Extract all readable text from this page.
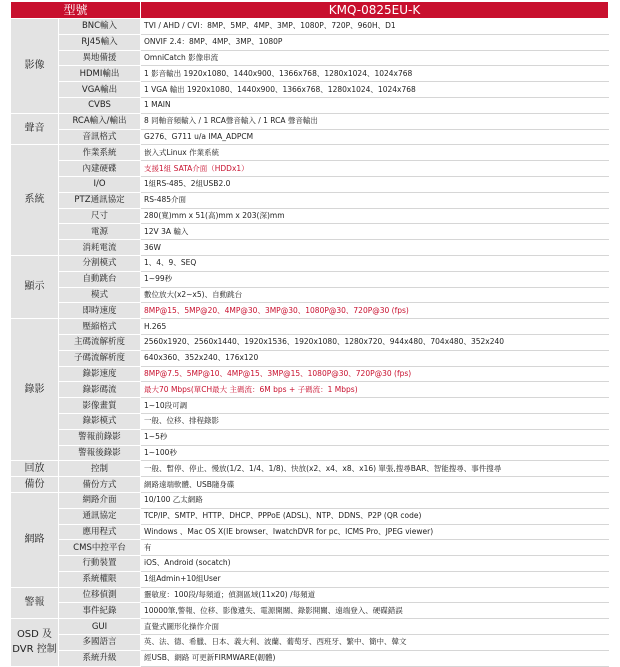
型號		KMQ-0825EU-K
影像	BNC輸入	TVI / AHD / CVI：8MP、5MP、4MP、3MP、1080P、720P、960H、D1
	RJ45輸入	ONVIF 2.4：8MP、4MP、3MP、1080P
	異地備援	OmniCatch 影像串流
	HDMI輸出	1 影音輸出 1920x1080、1440x900、1366x768、1280x1024、1024x768
	VGA輸出	1 VGA 輸出 1920x1080、1440x900、1366x768、1280x1024、1024x768
	CVBS	1 MAIN
聲音	RCA輸入/輸出	8 同軸音頻輸入 / 1 RCA聲音輸入 / 1 RCA 聲音輸出
	音訊格式	G276、G711 u/a IMA_ADPCM
系統	作業系統	嵌入式Linux 作業系統
	內建硬碟	支援1組 SATA介面（HDDx1）
	I/O	1組RS-485、2組USB2.0
	PTZ通訊協定	RS-485介面
	尺寸	280(寬)mm x 51(高)mm x 203(深)mm
	電源	12V 3A 輸入
	消耗電流	36W
顯示	分割模式	1、4、9、SEQ
	自動跳台	1~99秒
	模式	數位放大(x2~x5)、自動跳台
	即時速度	8MP@15、5MP@20、4MP@30、3MP@30、1080P@30、720P@30 (fps)
錄影	壓縮格式	H.265
	主碼流解析度	2560x1920、2560x1440、1920x1536、1920x1080、1280x720、944x480、704x480、352x240
	子碼流解析度	640x360、352x240、176x120
	錄影速度	8MP@7.5、5MP@10、4MP@15、3MP@15、1080P@30、720P@30 (fps)
	錄影碼流	最大70 Mbps(單CH最大 主碼流：6M bps + 子碼流：1 Mbps)
	影像畫質	1~10段可調
	錄影模式	一般、位移、排程錄影
	警報前錄影	1~5秒
	警報後錄影	1~100秒
回放	控制	一般、暫停、停止、慢放(1/2、1/4、1/8)、快放(x2、x4、x8、x16) 單張,搜尋BAR、智能搜尋、事件搜尋
備份	備份方式	網路遠端軟體、USB隨身碟
網路	網路介面	10/100 乙太網路
	通訊協定	TCP/IP、SMTP、HTTP、DHCP、PPPoE (ADSL)、NTP、DDNS、P2P (QR code)
	應用程式	Windows 、Mac OS X(IE browser、IwatchDVR for pc、ICMS Pro、JPEG viewer)
	CMS中控平台	有
	行動裝置	iOS、Android (socatch)
	系統權限	1組Admin+10組User
警報	位移偵測	靈敏度：100段/每頻道；偵測區域(11x20) /每頻道
	事件紀錄	10000筆,警報、位移、影像遺失、電源開關、錄影開關、遠端登入、硬碟錯誤
OSD 及 DVR 控制	GUI	直覺式圖形化操作介面
	多國語言	英、法、德、希臘、日本、義大利、波蘭、葡萄牙、西班牙、繁中、簡中、韓文
	系統升級	經USB、網路 可更新FIRMWARE(韌體)
